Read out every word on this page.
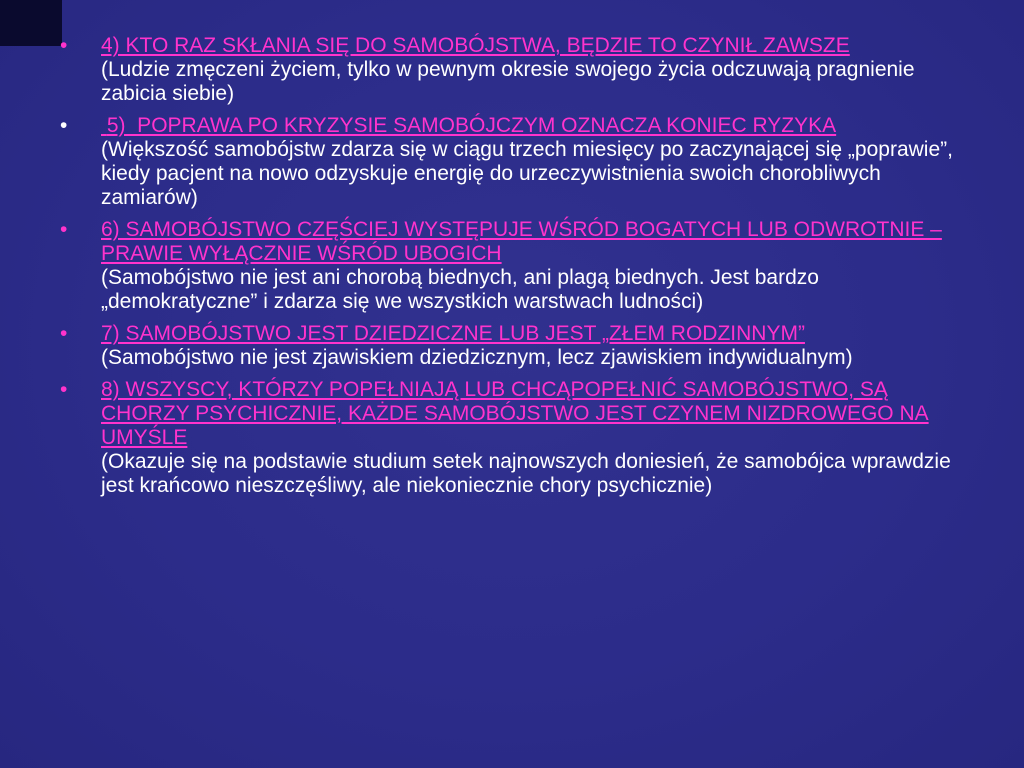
• 4) KTO RAZ SKŁANIA SIĘ DO SAMOBÓJSTWA, BĘDZIE TO CZYNIŁ ZAWSZE
(Ludzie zmęczeni życiem, tylko w pewnym okresie swojego życia odczuwają pragnienie zabicia siebie)
• 5)  POPRAWA PO KRYZYSIE SAMOBÓJCZYM OZNACZA KONIEC RYZYKA
(Większość samobójstw zdarza się w ciągu trzech miesięcy po zaczynającej się „poprawie”, kiedy pacjent na nowo odzyskuje energię do urzeczywistnienia swoich chorobliwych zamiarów)
• 6) SAMOBÓJSTWO CZĘŚCIEJ WYSTĘPUJE WŚRÓD BOGATYCH LUB ODWROTNIE – PRAWIE WYŁĄCZNIE WŚRÓD UBOGICH
(Samobójstwo nie jest ani chorobą biednych, ani plagą biednych. Jest bardzo „demokratyczne” i zdarza się we wszystkich warstwach ludności)
• 7) SAMOBÓJSTWO JEST DZIEDZICZNE LUB JEST „ZŁEM RODZINNYM”
(Samobójstwo nie jest zjawiskiem dziedzicznym, lecz zjawiskiem indywidualnym)
• 8) WSZYSCY, KTÓRZY POPEŁNIAJĄ LUB CHCĄPOPEŁNIĆ SAMOBÓJSTWO, SĄ CHORZY PSYCHICZNIE, KAŻDE SAMOBÓJSTWO JEST CZYNEM NIZDROWEGO NA UMYŚLE
(Okazuje się na podstawie studium setek najnowszych doniesień, że samobójca wprawdzie jest krańcowo nieszczęśliwy, ale niekoniecznie chory psychicznie)
